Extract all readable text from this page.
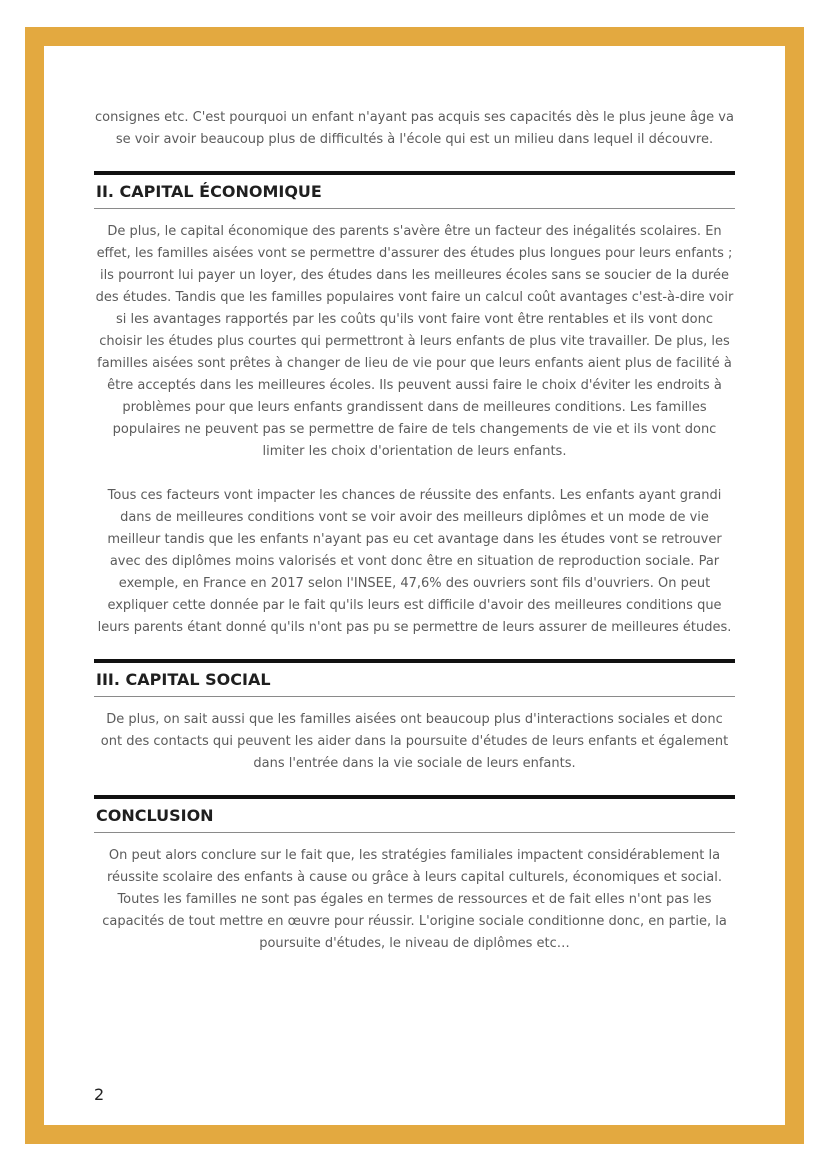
consignes etc. C'est pourquoi un enfant n'ayant pas acquis ses capacités dès le plus jeune âge va se voir avoir beaucoup plus de difficultés à l'école qui est un milieu dans lequel il découvre.

II. CAPITAL ÉCONOMIQUE

De plus, le capital économique des parents s'avère être un facteur des inégalités scolaires. En effet, les familles aisées vont se permettre d'assurer des études plus longues pour leurs enfants ; ils pourront lui payer un loyer, des études dans les meilleures écoles sans se soucier de la durée des études. Tandis que les familles populaires vont faire un calcul coût avantages c'est-à-dire voir si les avantages rapportés par les coûts qu'ils vont faire vont être rentables et ils vont donc choisir les études plus courtes qui permettront à leurs enfants de plus vite travailler. De plus, les familles aisées sont prêtes à changer de lieu de vie pour que leurs enfants aient plus de facilité à être acceptés dans les meilleures écoles. Ils peuvent aussi faire le choix d'éviter les endroits à problèmes pour que leurs enfants grandissent dans de meilleures conditions. Les familles populaires ne peuvent pas se permettre de faire de tels changements de vie et ils vont donc limiter les choix d'orientation de leurs enfants.

Tous ces facteurs vont impacter les chances de réussite des enfants. Les enfants ayant grandi dans de meilleures conditions vont se voir avoir des meilleurs diplômes et un mode de vie meilleur tandis que les enfants n'ayant pas eu cet avantage dans les études vont se retrouver avec des diplômes moins valorisés et vont donc être en situation de reproduction sociale. Par exemple, en France en 2017 selon l'INSEE, 47,6% des ouvriers sont fils d'ouvriers. On peut expliquer cette donnée par le fait qu'ils leurs est difficile d'avoir des meilleures conditions que leurs parents étant donné qu'ils n'ont pas pu se permettre de leurs assurer de meilleures études.

III. CAPITAL SOCIAL

De plus, on sait aussi que les familles aisées ont beaucoup plus d'interactions sociales et donc ont des contacts qui peuvent les aider dans la poursuite d'études de leurs enfants et également dans l'entrée dans la vie sociale de leurs enfants.

CONCLUSION

On peut alors conclure sur le fait que, les stratégies familiales impactent considérablement la réussite scolaire des enfants à cause ou grâce à leurs capital culturels, économiques et social. Toutes les familles ne sont pas égales en termes de ressources et de fait elles n'ont pas les capacités de tout mettre en œuvre pour réussir. L'origine sociale conditionne donc, en partie, la poursuite d'études, le niveau de diplômes etc…

2
